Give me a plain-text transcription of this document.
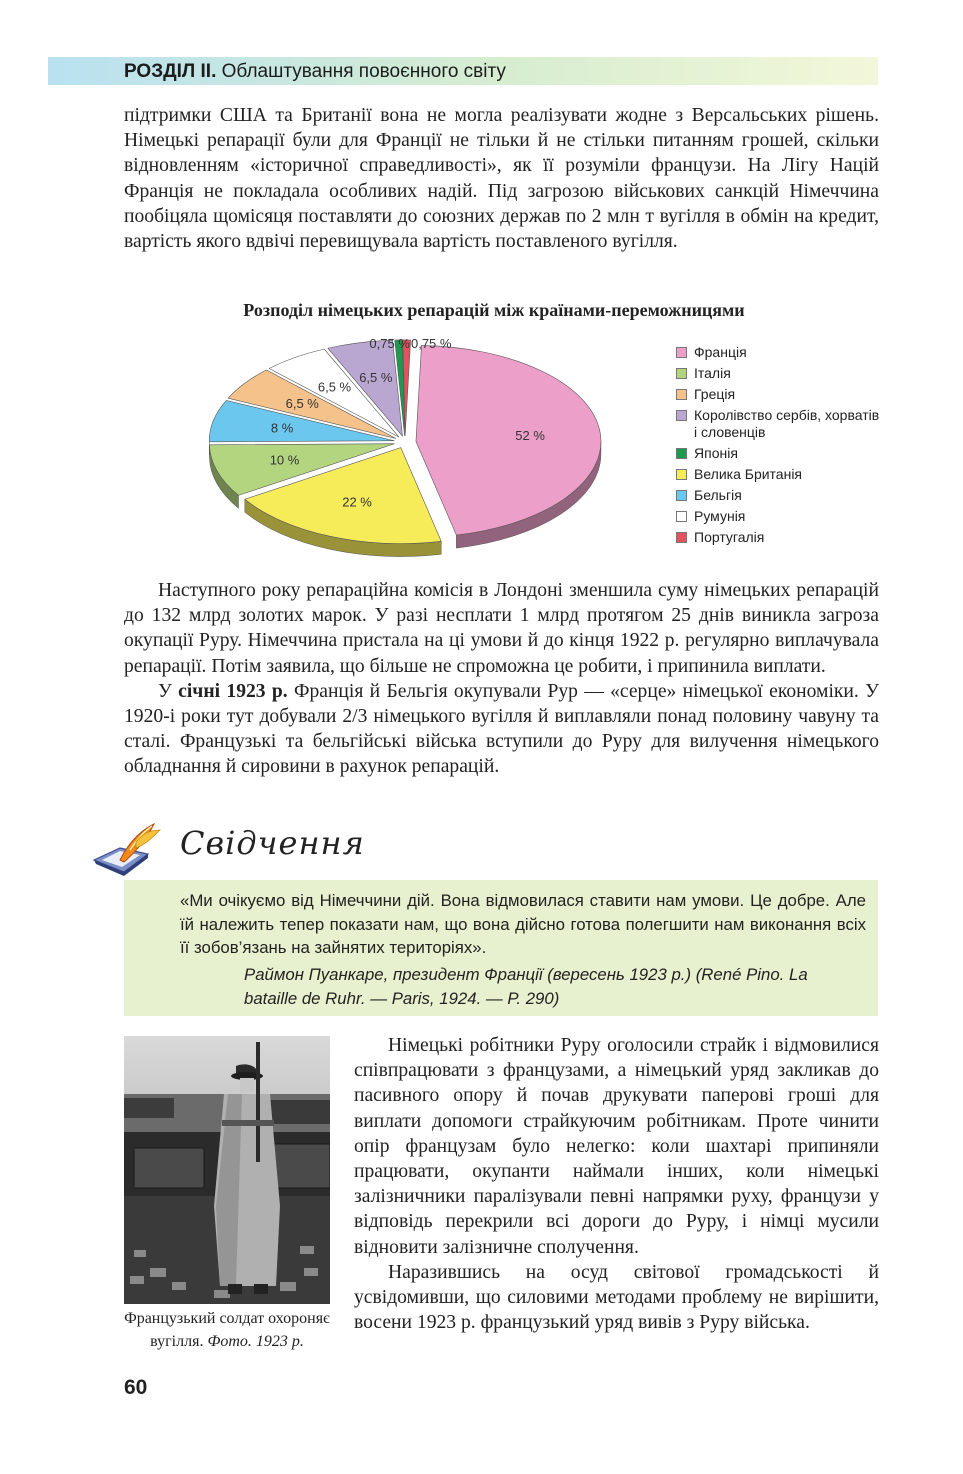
РОЗДІЛ II. Облаштування повоєнного світу

підтримки США та Британії вона не могла реалізувати жодне з Версальських рішень. Німецькі репарації були для Франції не тільки й не стільки питанням грошей, скільки відновленням «історичної справедливості», як її розуміли французи. На Лігу Націй Франція не покладала особливих надій. Під загрозою військових санкцій Німеччина пообіцяла щомісяця поставляти до союзних держав по 2 млн т вугілля в обмін на кредит, вартість якого вдвічі перевищувала вартість поставленого вугілля.

Розподіл німецьких репарацій між країнами-переможницями
52 %
22 %
10 %
8 %
6,5 %
6,5 %
6,5 %
0,75 % 0,75 %
Франція
Італія
Греція
Королівство сербів, хорватів і словенців
Японія
Велика Британія
Бельгія
Румунія
Португалія
Свідчення

Наступного року репараційна комісія в Лондоні зменшила суму німецьких репарацій до 132 млрд золотих марок. У разі несплати 1 млрд протягом 25 днів виникла загроза окупації Руру. Німеччина пристала на ці умови й до кінця 1922 р. регулярно виплачувала репарації. Потім заявила, що більше не спроможна це робити, і припинила виплати.

У січні 1923 р. Франція й Бельгія окупували Рур — «серце» німецької економіки. У 1920-і роки тут добували 2/3 німецького вугілля й виплавляли понад половину чавуну та сталі. Французькі та бельгійські війська вступили до Руру для вилучення німецького обладнання й сировини в рахунок репарацій.

«Ми очікуємо від Німеччини дій. Вона відмовилася ставити нам умови. Це добре. Але їй належить тепер показати нам, що вона дійсно готова полегшити нам виконання всіх її зобов’язань на зайнятих територіях».
Раймон Пуанкаре, президент Франції (вересень 1923 р.) (René Pino. La bataille de Ruhr. — Paris, 1924. — P. 290)
Французький солдат охороняє вугілля. Фото. 1923 р.

Німецькі робітники Руру оголосили страйк і відмовилися співпрацювати з французами, а німецький уряд закликав до пасивного опору й почав друкувати паперові гроші для виплати допомоги страйкуючим робітникам. Проте чинити опір французам було нелегко: коли шахтарі припиняли працювати, окупанти наймали інших, коли німецькі залізничники паралізували певні напрямки руху, французи у відповідь перекрили всі дороги до Руру, і німці мусили відновити залізничне сполучення.

Наразившись на осуд світової громадськості й усвідомивши, що силовими методами проблему не вирішити, восени 1923 р. французький уряд вивів з Руру війська.

60
